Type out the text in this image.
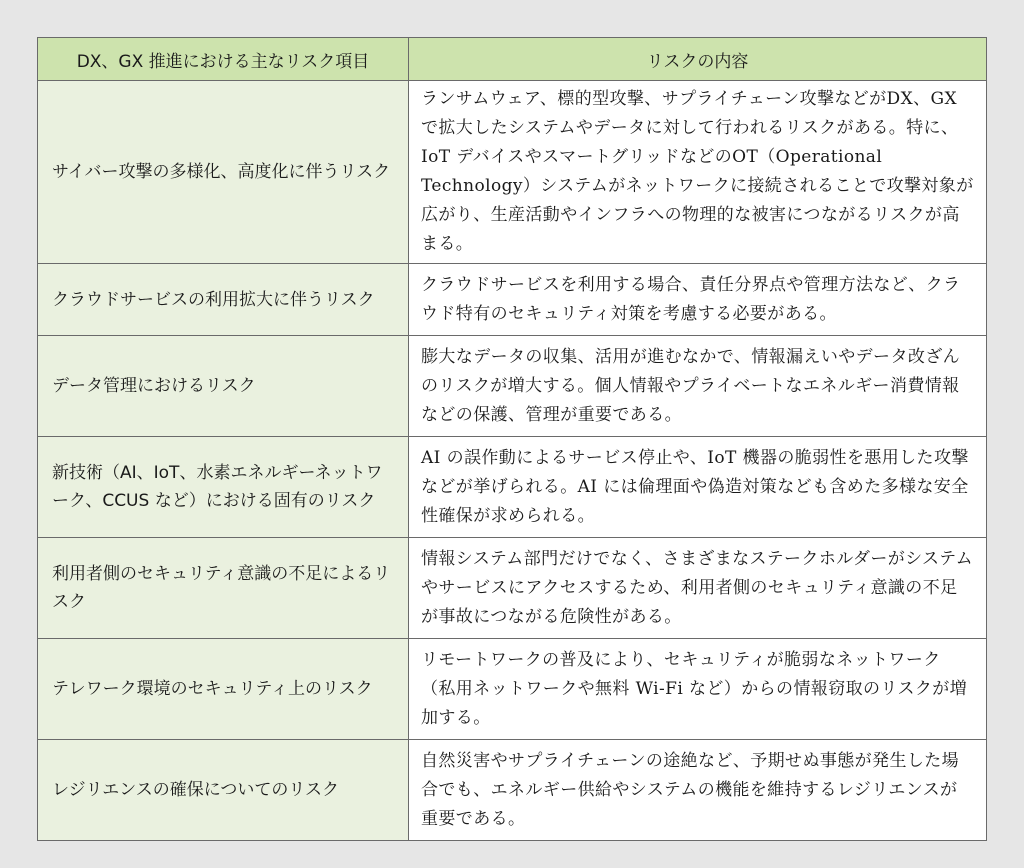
DX、GX 推進における主なリスク項目	リスクの内容
サイバー攻撃の多様化、高度化に伴うリスク	ランサムウェア、標的型攻撃、サプライチェーン攻撃などがDX、GX で拡大したシステムやデータに対して行われるリスクがある。特に、IoT デバイスやスマートグリッドなどのOT（Operational Technology）システムがネットワークに接続されることで攻撃対象が広がり、生産活動やインフラへの物理的な被害につながるリスクが高まる。
クラウドサービスの利用拡大に伴うリスク	クラウドサービスを利用する場合、責任分界点や管理方法など、クラウド特有のセキュリティ対策を考慮する必要がある。
データ管理におけるリスク	膨大なデータの収集、活用が進むなかで、情報漏えいやデータ改ざんのリスクが増大する。個人情報やプライベートなエネルギー消費情報などの保護、管理が重要である。
新技術（AI、IoT、水素エネルギーネットワーク、CCUS など）における固有のリスク	AI の誤作動によるサービス停止や、IoT 機器の脆弱性を悪用した攻撃などが挙げられる。AI には倫理面や偽造対策なども含めた多様な安全性確保が求められる。
利用者側のセキュリティ意識の不足によるリスク	情報システム部門だけでなく、さまざまなステークホルダーがシステムやサービスにアクセスするため、利用者側のセキュリティ意識の不足が事故につながる危険性がある。
テレワーク環境のセキュリティ上のリスク	リモートワークの普及により、セキュリティが脆弱なネットワーク（私用ネットワークや無料 Wi-Fi など）からの情報窃取のリスクが増加する。
レジリエンスの確保についてのリスク	自然災害やサプライチェーンの途絶など、予期せぬ事態が発生した場合でも、エネルギー供給やシステムの機能を維持するレジリエンスが重要である。
